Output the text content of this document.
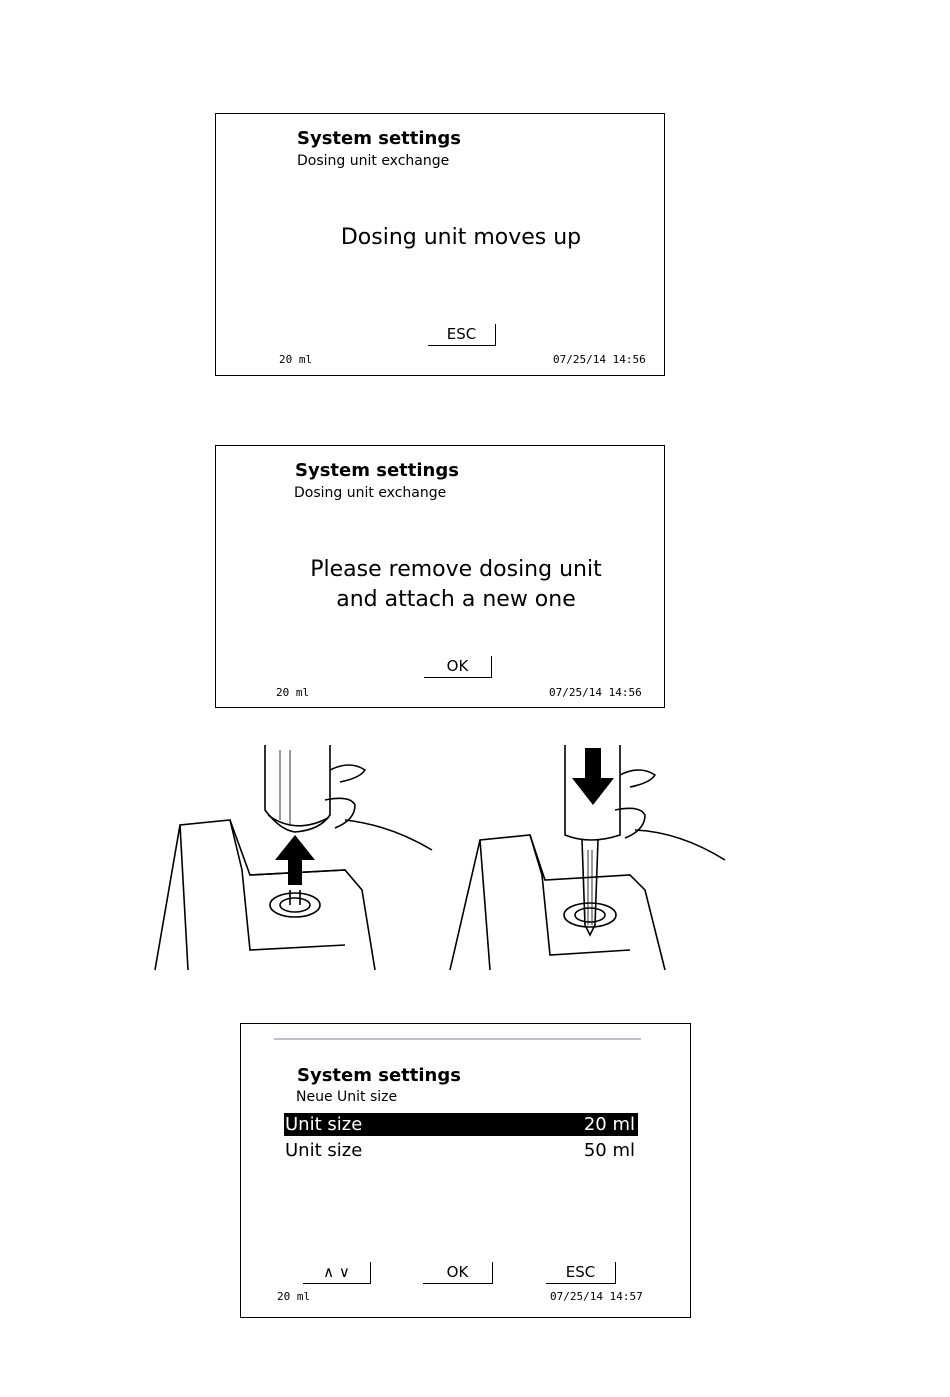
System settings
Dosing unit exchange
Dosing unit moves up
ESC
20 ml	07/25/14 14:56
System settings
Dosing unit exchange
Please remove dosing unit
and attach a new one
OK
20 ml	07/25/14 14:56
System settings
Neue Unit size
Unit size	20 ml
Unit size	50 ml
∧ ∨	OK	ESC
20 ml	07/25/14 14:57
